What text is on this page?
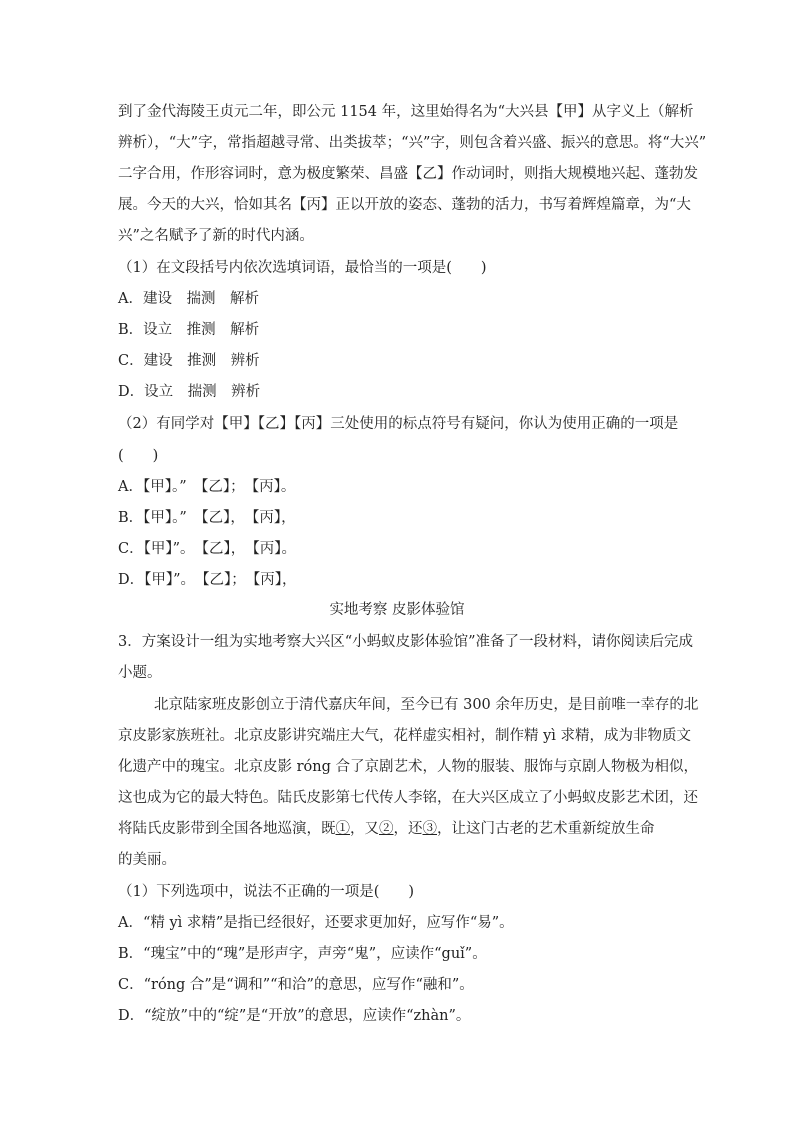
到了金代海陵王贞元二年，即公元 1154 年，这里始得名为“大兴县【甲】从字义上（解析
辨析），“大”字，常指超越寻常、出类拔萃；“兴”字，则包含着兴盛、振兴的意思。将“大兴”
二字合用，作形容词时，意为极度繁荣、昌盛【乙】作动词时，则指大规模地兴起、蓬勃发
展。今天的大兴，恰如其名【丙】正以开放的姿态、蓬勃的活力，书写着辉煌篇章，为“大
兴”之名赋予了新的时代内涵。
（1）在文段括号内依次选填词语，最恰当的一项是(　　)
A．建设　揣测　解析
B．设立　推测　解析
C．建设　推测　辨析
D．设立　揣测　辨析
（2）有同学对【甲】【乙】【丙】三处使用的标点符号有疑问，你认为使用正确的一项是
(　　)
A．【甲】。”　【乙】；　【丙】。
B．【甲】。”　【乙】，　【丙】，
C．【甲】”。　【乙】，　【丙】。
D．【甲】”。　【乙】；　【丙】，
实地考察 皮影体验馆
3．方案设计一组为实地考察大兴区“小蚂蚁皮影体验馆”准备了一段材料，请你阅读后完成
小题。
北京陆家班皮影创立于清代嘉庆年间，至今已有 300 余年历史，是目前唯一幸存的北
京皮影家族班社。北京皮影讲究端庄大气，花样虚实相衬，制作精 yì 求精，成为非物质文
化遗产中的瑰宝。北京皮影 róng 合了京剧艺术，人物的服装、服饰与京剧人物极为相似，
这也成为它的最大特色。陆氏皮影第七代传人李铭，在大兴区成立了小蚂蚁皮影艺术团，还
将陆氏皮影带到全国各地巡演，既①，又②，还③，让这门古老的艺术重新绽放生命
的美丽。
（1）下列选项中，说法不正确的一项是(　　)
A．“精 yì 求精”是指已经很好，还要求更加好，应写作“易”。
B．“瑰宝”中的“瑰”是形声字，声旁“鬼”，应读作“guǐ”。
C．“róng 合”是“调和”“和洽”的意思，应写作“融和”。
D．“绽放”中的“绽”是“开放”的意思，应读作“zhàn”。
